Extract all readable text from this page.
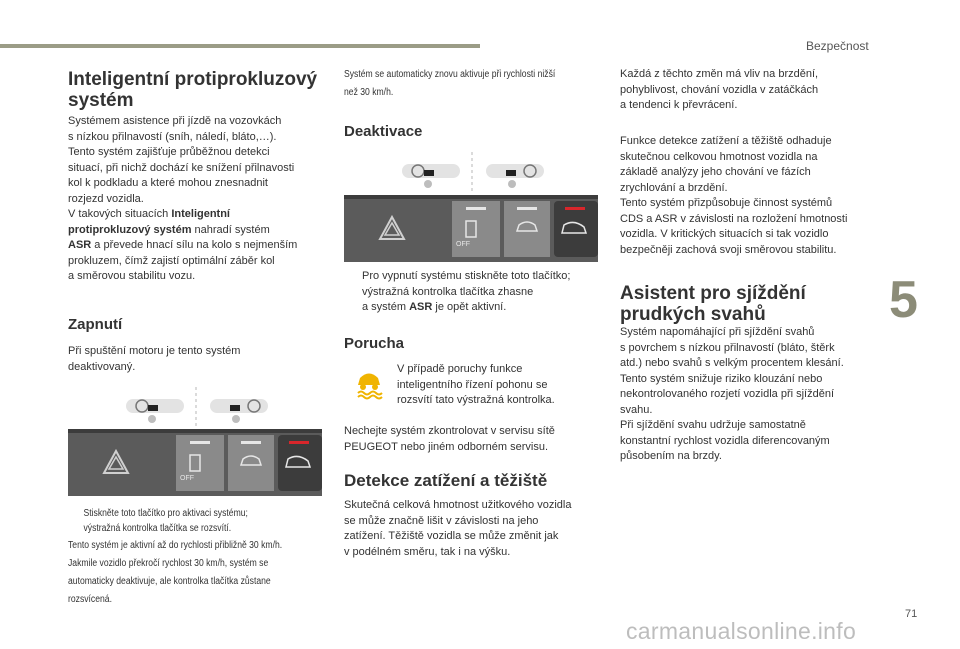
Bezpečnost
5
71
carmanualsonline.info
Inteligentní protiprokluzový
systém

Systémem asistence při jízdě na vozovkách

s nízkou přilnavostí (sníh, náledí, bláto,…).

Tento systém zajišťuje průběžnou detekci

situací, při nichž dochází ke snížení přilnavosti

kol k podkladu a které mohou znesnadnit

rozjezd vozidla.

V takových situacích Inteligentní

protiprokluzový systém nahradí systém

ASR a převede hnací sílu na kolo s nejmenším

prokluzem, čímž zajistí optimální záběr kol

a směrovou stabilitu vozu.

Zapnutí

Při spuštění motoru je tento systém

deaktivovaný.

OFF

Stiskněte toto tlačítko pro aktivaci systému;

výstražná kontrolka tlačítka se rozsvítí.

Tento systém je aktivní až do rychlosti přibližně 30 km/h.

Jakmile vozidlo překročí rychlost 30 km/h, systém se

automaticky deaktivuje, ale kontrolka tlačítka zůstane

rozsvícená.

Systém se automaticky znovu aktivuje při rychlosti nižší

než 30 km/h.

Deaktivace
OFF

Pro vypnutí systému stiskněte toto tlačítko;

výstražná kontrolka tlačítka zhasne

a systém ASR je opět aktivní.

Porucha

V případě poruchy funkce

inteligentního řízení pohonu se

rozsvítí tato výstražná kontrolka.

Nechejte systém zkontrolovat v servisu sítě

PEUGEOT nebo jiném odborném servisu.

Detekce zatížení a těžiště

Skutečná celková hmotnost užitkového vozidla

se může značně lišit v závislosti na jeho

zatížení. Těžiště vozidla se může změnit jak

v podélném směru, tak i na výšku.

Každá z těchto změn má vliv na brzdění,

pohyblivost, chování vozidla v zatáčkách

a tendenci k převrácení.

Funkce detekce zatížení a těžiště odhaduje

skutečnou celkovou hmotnost vozidla na

základě analýzy jeho chování ve fázích

zrychlování a brzdění.

Tento systém přizpůsobuje činnost systémů

CDS a ASR v závislosti na rozložení hmotnosti

vozidla. V kritických situacích si tak vozidlo

bezpečněji zachová svoji směrovou stabilitu.

Asistent pro sjíždění
prudkých svahů

Systém napomáhající při sjíždění svahů

s povrchem s nízkou přilnavostí (bláto, štěrk

atd.) nebo svahů s velkým procentem klesání.

Tento systém snižuje riziko klouzání nebo

nekontrolovaného rozjetí vozidla při sjíždění

svahu.

Při sjíždění svahu udržuje samostatně

konstantní rychlost vozidla diferencovaným

působením na brzdy.
